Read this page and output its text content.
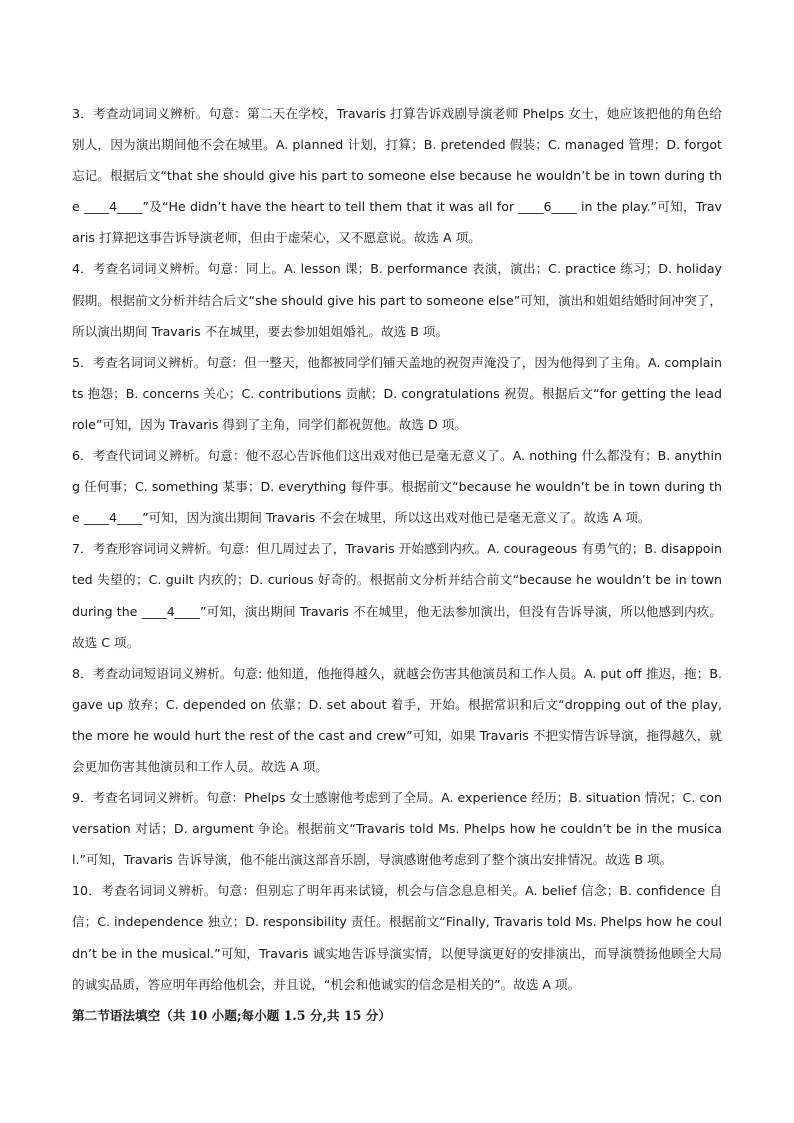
3．考查动词词义辨析。句意：第二天在学校，Travaris 打算告诉戏剧导演老师 Phelps 女士，她应该把他的角色给别人，因为演出期间他不会在城里。A. planned 计划，打算；B. pretended 假装；C. managed 管理；D. forgot 忘记。根据后文“that she should give his part to someone else because he wouldn’t be in town during the ____4____”及“He didn’t have the heart to tell them that it was all for ____6____ in the play.”可知，Travaris 打算把这事告诉导演老师，但由于虚荣心，又不愿意说。故选 A 项。

4．考查名词词义辨析。句意：同上。A. lesson 课；B. performance 表演，演出；C. practice 练习；D. holiday 假期。根据前文分析并结合后文“she should give his part to someone else”可知，演出和姐姐结婚时间冲突了，所以演出期间 Travaris 不在城里，要去参加姐姐婚礼。故选 B 项。

5．考查名词词义辨析。句意：但一整天，他都被同学们铺天盖地的祝贺声淹没了，因为他得到了主角。A. complaints 抱怨；B. concerns 关心；C. contributions 贡献；D. congratulations 祝贺。根据后文“for getting the lead role”可知，因为 Travaris 得到了主角，同学们都祝贺他。故选 D 项。

6．考查代词词义辨析。句意：他不忍心告诉他们这出戏对他已是毫无意义了。A. nothing 什么都没有；B. anything 任何事；C. something 某事；D. everything 每件事。根据前文“because he wouldn’t be in town during the ____4____”可知，因为演出期间 Travaris 不会在城里，所以这出戏对他已是毫无意义了。故选 A 项。

7．考查形容词词义辨析。句意：但几周过去了，Travaris 开始感到内疚。A. courageous 有勇气的；B. disappointed 失望的；C. guilt 内疚的；D. curious 好奇的。根据前文分析并结合前文“because he wouldn’t be in town during the ____4____”可知，演出期间 Travaris 不在城里，他无法参加演出，但没有告诉导演，所以他感到内疚。故选 C 项。

8．考查动词短语词义辨析。句意: 他知道，他拖得越久，就越会伤害其他演员和工作人员。A. put off 推迟，拖；B. gave up 放弃；C. depended on 依靠；D. set about 着手，开始。根据常识和后文“dropping out of the play, the more he would hurt the rest of the cast and crew”可知，如果 Travaris 不把实情告诉导演，拖得越久，就会更加伤害其他演员和工作人员。故选 A 项。

9．考查名词词义辨析。句意：Phelps 女士感谢他考虑到了全局。A. experience 经历；B. situation 情况；C. conversation 对话；D. argument 争论。根据前文“Travaris told Ms. Phelps how he couldn’t be in the musical.”可知，Travaris 告诉导演，他不能出演这部音乐剧，导演感谢他考虑到了整个演出安排情况。故选 B 项。

10．考查名词词义辨析。句意：但别忘了明年再来试镜，机会与信念息息相关。A. belief 信念；B. confidence 自信；C. independence 独立；D. responsibility 责任。根据前文“Finally, Travaris told Ms. Phelps how he couldn’t be in the musical.”可知，Travaris 诚实地告诉导演实情，以便导演更好的安排演出，而导演赞扬他顾全大局的诚实品质，答应明年再给他机会，并且说，“机会和他诚实的信念是相关的”。故选 A 项。

第二节语法填空（共 10 小题;每小题 1.5 分,共 15 分）
